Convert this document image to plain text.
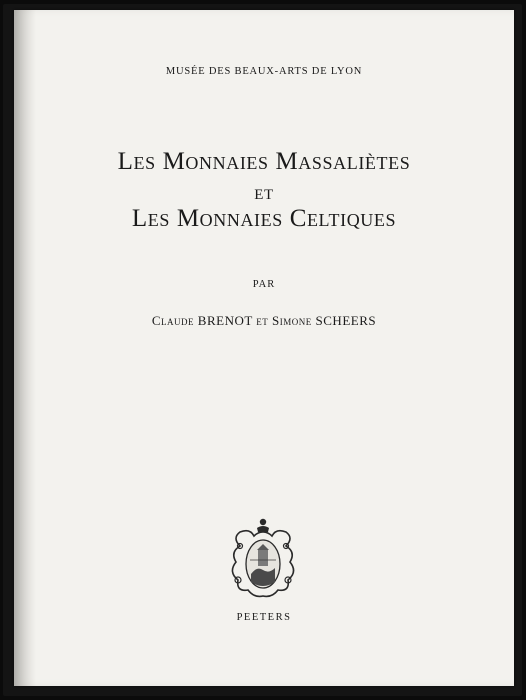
MUSÉE DES BEAUX-ARTS DE LYON
Les Monnaies Massaliètes
et
Les Monnaies Celtiques
PAR
Claude BRENOT et Simone SCHEERS
PEETERS
